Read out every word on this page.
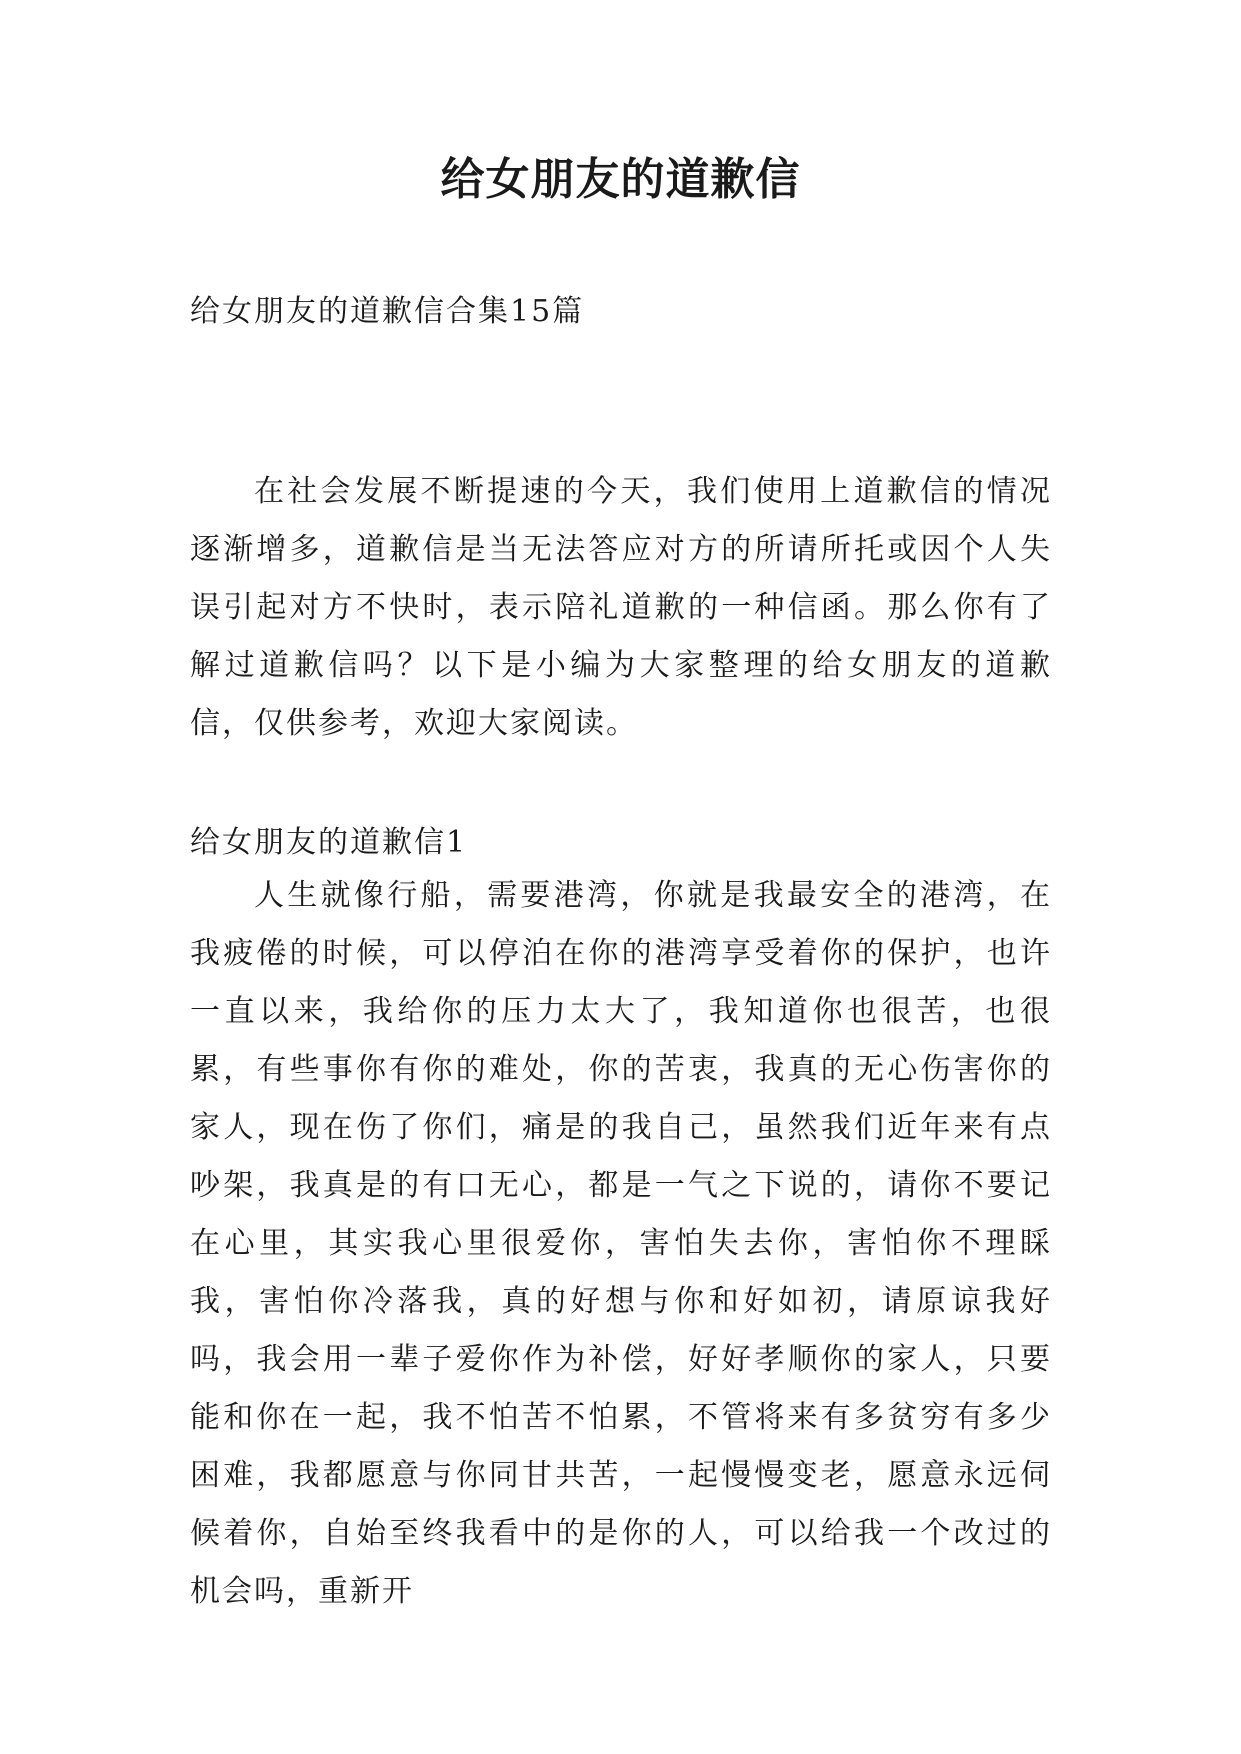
给女朋友的道歉信
给女朋友的道歉信合集15篇

在社会发展不断提速的今天，我们使用上道歉信的情况逐渐增多，道歉信是当无法答应对方的所请所托或因个人失误引起对方不快时，表示陪礼道歉的一种信函。那么你有了解过道歉信吗？以下是小编为大家整理的给女朋友的道歉信，仅供参考，欢迎大家阅读。

给女朋友的道歉信1

人生就像行船，需要港湾，你就是我最安全的港湾，在我疲倦的时候，可以停泊在你的港湾享受着你的保护，也许一直以来，我给你的压力太大了，我知道你也很苦，也很累，有些事你有你的难处，你的苦衷，我真的无心伤害你的家人，现在伤了你们，痛是的我自己，虽然我们近年来有点吵架，我真是的有口无心，都是一气之下说的，请你不要记在心里，其实我心里很爱你，害怕失去你，害怕你不理睬我，害怕你冷落我，真的好想与你和好如初，请原谅我好吗，我会用一辈子爱你作为补偿，好好孝顺你的家人，只要能和你在一起，我不怕苦不怕累，不管将来有多贫穷有多少困难，我都愿意与你同甘共苦，一起慢慢变老，愿意永远伺候着你，自始至终我看中的是你的人，可以给我一个改过的机会吗，重新开
